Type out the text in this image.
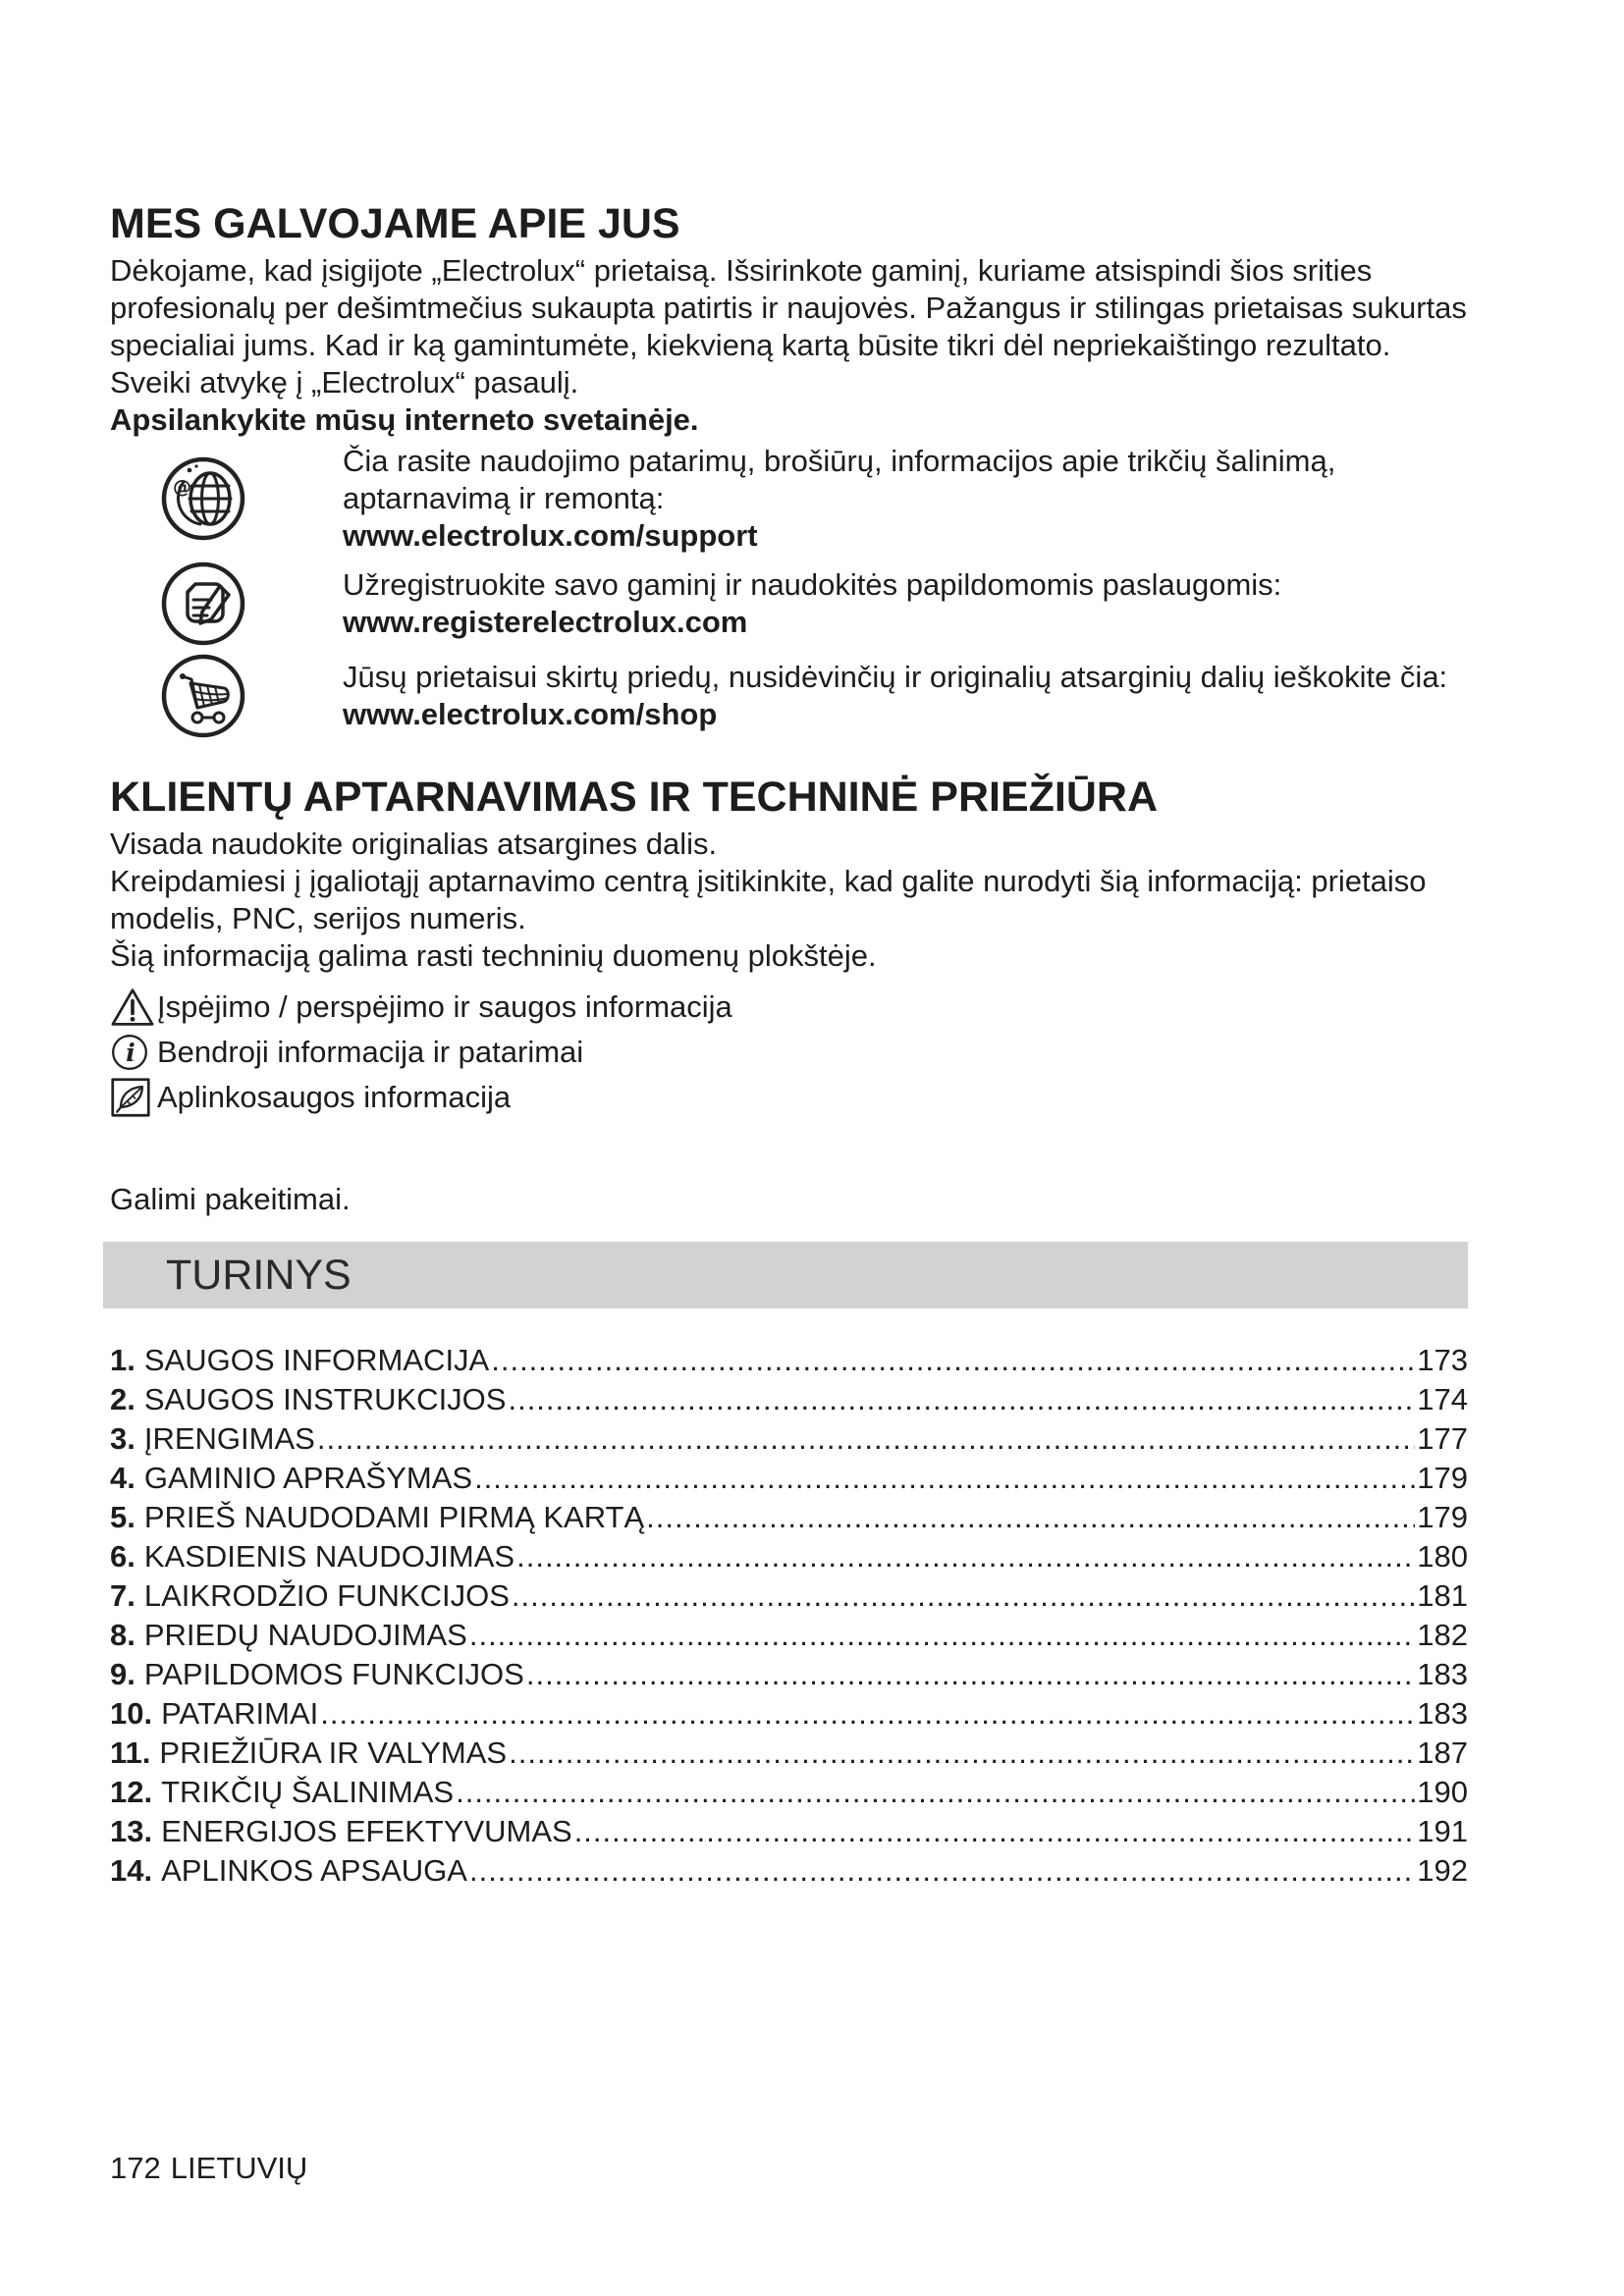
MES GALVOJAME APIE JUS

Dėkojame, kad įsigijote „Electrolux“ prietaisą. Išsirinkote gaminį, kuriame atsispindi šios srities profesionalų per dešimtmečius sukaupta patirtis ir naujovės. Pažangus ir stilingas prietaisas sukurtas specialiai jums. Kad ir ką gamintumėte, kiekvieną kartą būsite tikri dėl nepriekaištingo rezultato.

Sveiki atvykę į „Electrolux“ pasaulį.

Apsilankykite mūsų interneto svetainėje.

@

Čia rasite naudojimo patarimų, brošiūrų, informacijos apie trikčių šalinimą, aptarnavimą ir remontą:

www.electrolux.com/support

Užregistruokite savo gaminį ir naudokitės papildomomis paslaugomis:

www.registerelectrolux.com

Jūsų prietaisui skirtų priedų, nusidėvinčių ir originalių atsarginių dalių ieškokite čia:

www.electrolux.com/shop

KLIENTŲ APTARNAVIMAS IR TECHNINĖ PRIEŽIŪRA

Visada naudokite originalias atsargines dalis.

Kreipdamiesi į įgaliotąjį aptarnavimo centrą įsitikinkite, kad galite nurodyti šią informaciją: prietaiso modelis, PNC, serijos numeris.

Šią informaciją galima rasti techninių duomenų plokštėje.

Įspėjimo / perspėjimo ir saugos informacija
i Bendroji informacija ir patarimai
Aplinkosaugos informacija

Galimi pakeitimai.

TURINYS
1. SAUGOS INFORMACIJA .....	173
2. SAUGOS INSTRUKCIJOS .....	174
3. ĮRENGIMAS .....	177
4. GAMINIO APRAŠYMAS .....	179
5. PRIEŠ NAUDODAMI PIRMĄ KARTĄ .....	179
6. KASDIENIS NAUDOJIMAS .....	180
7. LAIKRODŽIO FUNKCIJOS .....	181
8. PRIEDŲ NAUDOJIMAS .....	182
9. PAPILDOMOS FUNKCIJOS .....	183
10. PATARIMAI .....	183
11. PRIEŽIŪRA IR VALYMAS .....	187
12. TRIKČIŲ ŠALINIMAS .....	190
13. ENERGIJOS EFEKTYVUMAS .....	191
14. APLINKOS APSAUGA .....	192
172 LIETUVIŲ
